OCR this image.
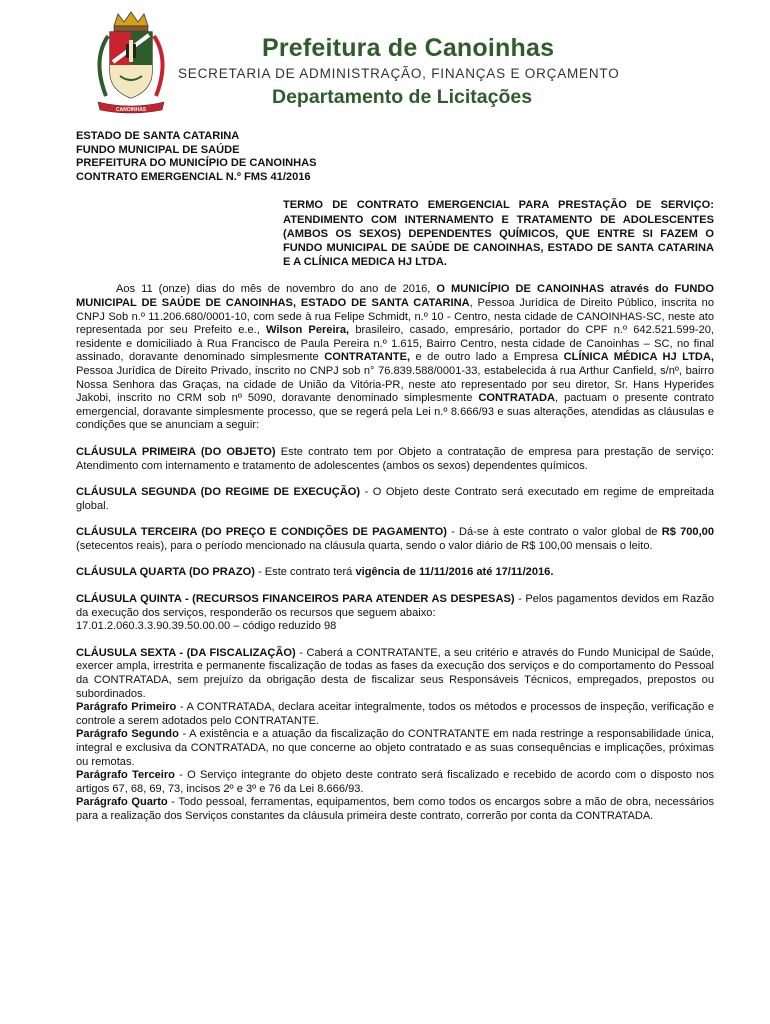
CANOINHAS
Prefeitura de Canoinhas
SECRETARIA DE ADMINISTRAÇÃO, FINANÇAS E ORÇAMENTO
Departamento de Licitações

ESTADO DE SANTA CATARINA

FUNDO MUNICIPAL DE SAÚDE

PREFEITURA DO MUNICÍPIO DE CANOINHAS

CONTRATO EMERGENCIAL N.º FMS 41/2016

TERMO DE CONTRATO EMERGENCIAL PARA PRESTAÇÃO DE SERVIÇO: ATENDIMENTO COM INTERNAMENTO E TRATAMENTO DE ADOLESCENTES (AMBOS OS SEXOS) DEPENDENTES QUÍMICOS, QUE ENTRE SI FAZEM O FUNDO MUNICIPAL DE SAÚDE DE CANOINHAS, ESTADO DE SANTA CATARINA E A CLÍNICA MEDICA HJ LTDA.

Aos 11 (onze) dias do mês de novembro do ano de 2016, O MUNICÍPIO DE CANOINHAS através do FUNDO MUNICIPAL DE SAÚDE DE CANOINHAS, ESTADO DE SANTA CATARINA, Pessoa Jurídica de Direito Público, inscrita no CNPJ Sob n.º 11.206.680/0001-10, com sede à rua Felipe Schmidt, n.º 10 - Centro, nesta cidade de CANOINHAS-SC, neste ato representada por seu Prefeito e.e., Wilson Pereira, brasileiro, casado, empresário, portador do CPF n.º 642.521.599-20, residente e domiciliado à Rua Francisco de Paula Pereira n.º 1.615, Bairro Centro, nesta cidade de Canoinhas – SC, no final assinado, doravante denominado simplesmente CONTRATANTE, e de outro lado a Empresa CLÍNICA MÉDICA HJ LTDA, Pessoa Jurídica de Direito Privado, inscrito no CNPJ sob n° 76.839.588/0001-33, estabelecida à rua Arthur Canfield, s/nº, bairro Nossa Senhora das Graças, na cidade de União da Vitória-PR, neste ato representado por seu diretor, Sr. Hans Hyperides Jakobi, inscrito no CRM sob nº 5090, doravante denominado simplesmente CONTRATADA, pactuam o presente contrato emergencial, doravante simplesmente processo, que se regerá pela Lei n.º 8.666/93 e suas alterações, atendidas as cláusulas e condições que se anunciam a seguir:

CLÁUSULA PRIMEIRA (DO OBJETO) Este contrato tem por Objeto a contratação de empresa para prestação de serviço: Atendimento com internamento e tratamento de adolescentes (ambos os sexos) dependentes químicos.

CLÁUSULA SEGUNDA (DO REGIME DE EXECUÇÃO) - O Objeto deste Contrato será executado em regime de empreitada global.

CLÁUSULA TERCEIRA (DO PREÇO E CONDIÇÕES DE PAGAMENTO) - Dá-se à este contrato o valor global de R$ 700,00 (setecentos reais), para o período mencionado na cláusula quarta, sendo o valor diário de R$ 100,00 mensais o leito.

CLÁUSULA QUARTA (DO PRAZO) - Este contrato terá vigência de 11/11/2016 até 17/11/2016.

CLÁUSULA QUINTA - (RECURSOS FINANCEIROS PARA ATENDER AS DESPESAS) - Pelos pagamentos devidos em Razão da execução dos serviços, responderão os recursos que seguem abaixo:

17.01.2.060.3.3.90.39.50.00.00 – código reduzido 98

CLÁUSULA SEXTA - (DA FISCALIZAÇÃO) - Caberá a CONTRATANTE, a seu critério e através do Fundo Municipal de Saúde, exercer ampla, irrestrita e permanente fiscalização de todas as fases da execução dos serviços e do comportamento do Pessoal da CONTRATADA, sem prejuízo da obrigação desta de fiscalizar seus Responsáveis Técnicos, empregados, prepostos ou subordinados.

Parágrafo Primeiro - A CONTRATADA, declara aceitar integralmente, todos os métodos e processos de inspeção, verificação e controle a serem adotados pelo CONTRATANTE.

Parágrafo Segundo - A existência e a atuação da fiscalização do CONTRATANTE em nada restringe a responsabilidade única, integral e exclusiva da CONTRATADA, no que concerne ao objeto contratado e as suas consequências e implicações, próximas ou remotas.

Parágrafo Terceiro - O Serviço integrante do objeto deste contrato será fiscalizado e recebido de acordo com o disposto nos artigos 67, 68, 69, 73, incisos 2º e 3º e 76 da Lei 8.666/93.

Parágrafo Quarto - Todo pessoal, ferramentas, equipamentos, bem como todos os encargos sobre a mão de obra, necessários para a realização dos Serviços constantes da cláusula primeira deste contrato, correrão por conta da CONTRATADA.
